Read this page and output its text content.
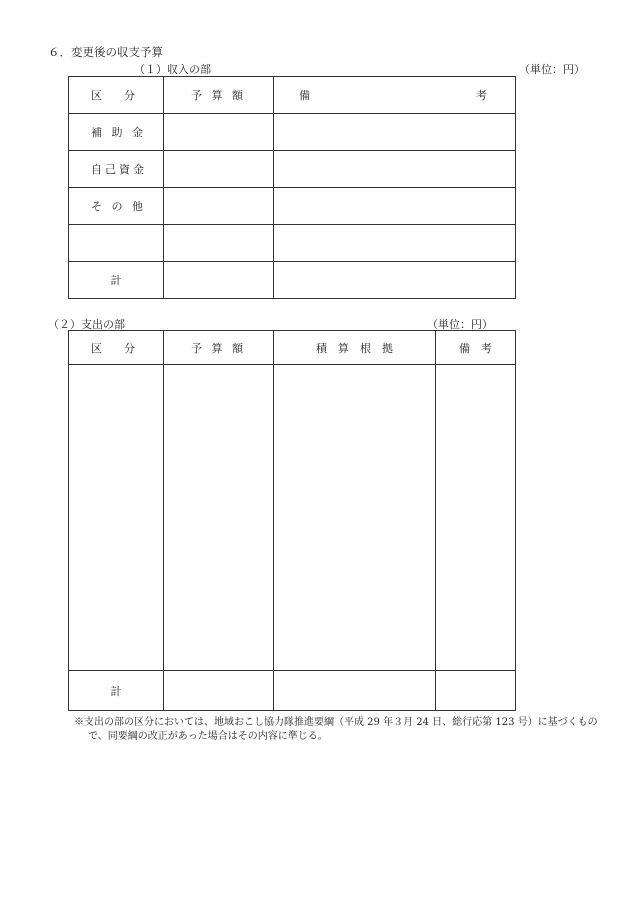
６．変更後の収支予算
（１）収入の部	（単位：円）
区　　分	予 算 額	備 考

補 助 金		
自己資金		
そ の 他		

計		
（２）支出の部	（単位：円）
区　　分	予 算 額	積　算　根　拠	備　考

計			
※支出の部の区分においては、地域おこし協力隊推進要綱（平成 29 年３月 24 日、総行応第 123 号）に基づくもの
で、同要綱の改正があった場合はその内容に準じる。
